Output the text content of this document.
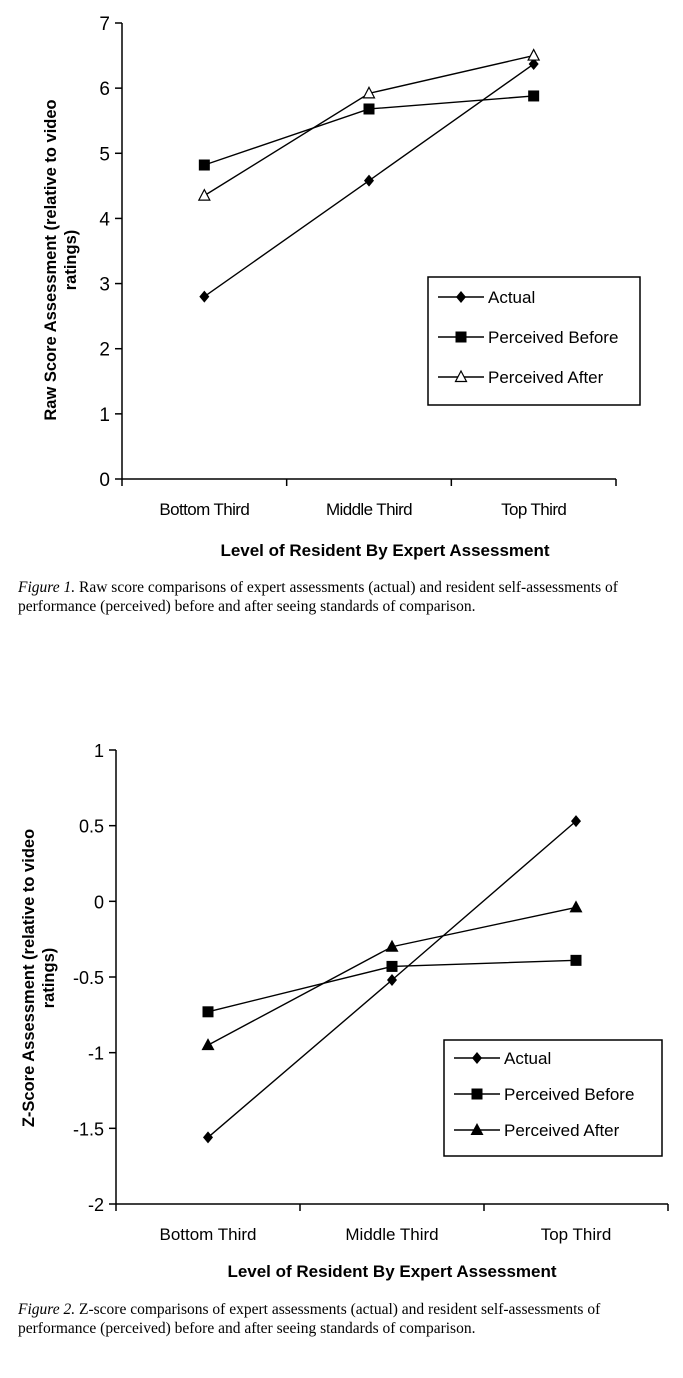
0
1
2
3
4
5
6
7
Bottom Third	Middle Third	Top Third
Level of Resident By Expert Assessment
Raw Score Assessment (relative to video ratings)
Actual
Perceived Before
Perceived After
Figure 1. Raw score comparisons of expert assessments (actual) and resident self-assessments of performance (perceived) before and after seeing standards of comparison.
-2
-1.5
-1
-0.5
0
0.5
1
Bottom Third	Middle Third	Top Third
Level of Resident By Expert Assessment
Z-Score Assessment (relative to video ratings)
Actual
Perceived Before
Perceived After
Figure 2. Z-score comparisons of expert assessments (actual) and resident self-assessments of performance (perceived) before and after seeing standards of comparison.
